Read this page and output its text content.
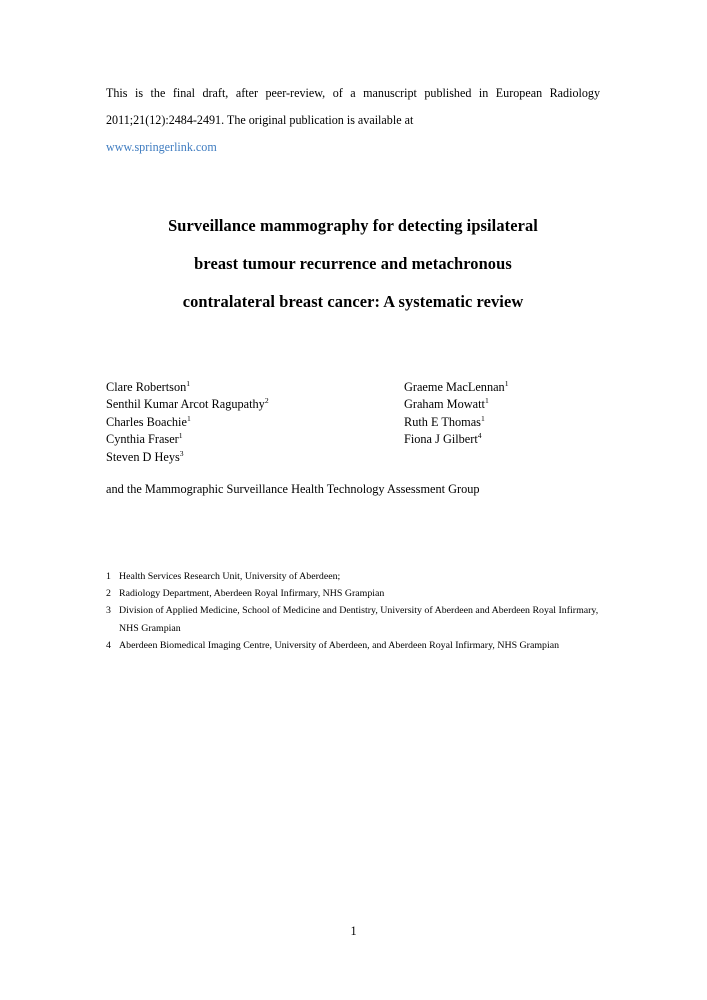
This is the final draft, after peer-review, of a manuscript published in European Radiology 2011;21(12):2484-2491. The original publication is available at
www.springerlink.com
Surveillance mammography for detecting ipsilateral
breast tumour recurrence and metachronous
contralateral breast cancer: A systematic review
Clare Robertson$^1$
Senthil Kumar Arcot Ragupathy$^2$
Charles Boachie$^1$
Cynthia Fraser$^1$
Steven D Heys$^3$
Graeme MacLennan$^1$
Graham Mowatt$^1$
Ruth E Thomas$^1$
Fiona J Gilbert$^4$
and the Mammographic Surveillance Health Technology Assessment Group
1 Health Services Research Unit, University of Aberdeen;
2 Radiology Department, Aberdeen Royal Infirmary, NHS Grampian
3 Division of Applied Medicine, School of Medicine and Dentistry, University of Aberdeen and Aberdeen Royal Infirmary, NHS Grampian
4 Aberdeen Biomedical Imaging Centre, University of Aberdeen, and Aberdeen Royal Infirmary, NHS Grampian
1
